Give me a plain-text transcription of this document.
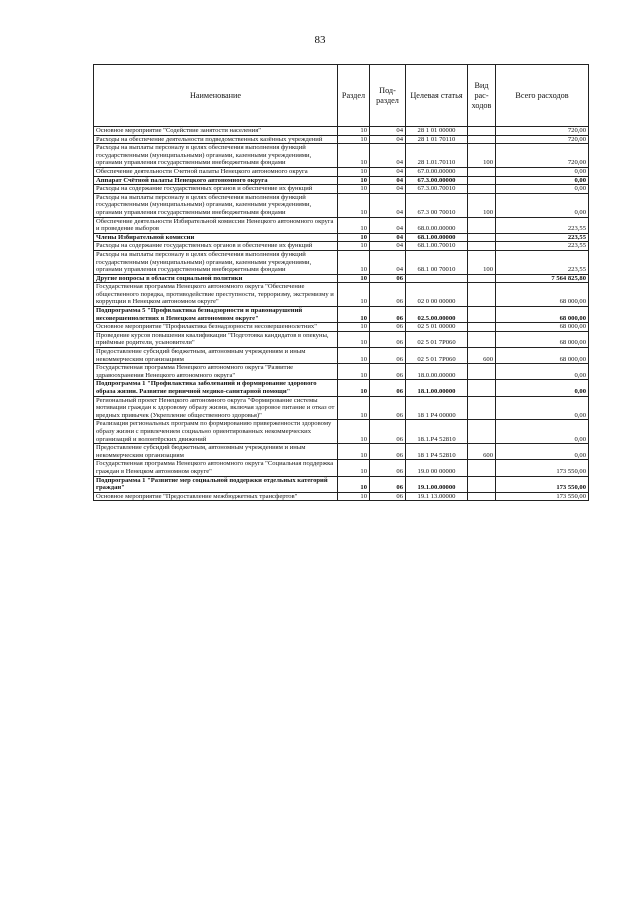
83
Наименование	Раздел	Под-раздел	Целевая статья	Вид рас-ходов	Всего расходов
Основное мероприятие "Содействие занятости населения"	10	04	28 1 01 00000		720,00
Расходы на обеспечение деятельности подведомственных казённых учреждений	10	04	28 1 01 70110		720,00
Расходы на выплаты персоналу в целях обеспечения выполнения функций государственными (муниципальными) органами, казенными учреждениями, органами управления государственными внебюджетными фондами	10	04	28 1.01.70110	100	720,00
Обеспечение деятельности Счетной палаты Ненецкого автономного округа	10	04	67.0.00.00000		0,00
Аппарат Счётной палаты Ненецкого автономного округа	10	04	67.3.00.00000		0,00
Расходы на содержание государственных органов и обеспечение их функций	10	04	67.3.00.70010		0,00
Расходы на выплаты персоналу в целях обеспечения выполнения функций государственными (муниципальными) органами, казенными учреждениями, органами управления государственными внебюджетными фондами	10	04	67.3 00 70010	100	0,00
Обеспечение деятельности Избирательной комиссии Ненецкого автономного округа и проведение выборов	10	04	68.0.00.00000		223,55
Члены Избирательной комиссии	10	04	68.1.00.00000		223,55
Расходы на содержание государственных органов и обеспечение их функций	10	04	68.1.00.70010		223,55
Расходы на выплаты персоналу в целях обеспечения выполнения функций государственными (муниципальными) органами, казенными учреждениями, органами управления государственными внебюджетными фондами	10	04	68.1 00 70010	100	223,55
Другие вопросы в области социальной политики	10	06			7 564 825,80
Государственная программа Ненецкого автономного округа "Обеспечение общественного порядка, противодействие преступности, терроризму, экстремизму и коррупции в Ненецком автономном округе"	10	06	02 0 00 00000		68 000,00
Подпрограмма 5 "Профилактика безнадзорности и правонарушений несовершеннолетних в Ненецком автономном округе"	10	06	02.5.00.00000		68 000,00
Основное мероприятие "Профилактика безнадзорности несовершеннолетних"	10	06	02 5 01 00000		68 000,00
Проведение курсов повышения квалификации "Подготовка кандидатов в опекуны, приёмные родители, усыновители"	10	06	02 5 01 7Р060		68 000,00
Предоставление субсидий бюджетным, автономным учреждениям и иным некоммерческим организациям	10	06	02 5 01 7Р060	600	68 000,00
Государственная программа Ненецкого автономного округа "Развитие здравоохранения Ненецкого автономного округа"	10	06	18.0.00.00000		0,00
Подпрограмма 1 "Профилактика заболеваний и формирование здорового образа жизни. Развитие первичной медико-санитарной помощи"	10	06	18.1.00.00000		0,00
Региональный проект Ненецкого автономного округа "Формирование системы мотивации граждан к здоровому образу жизни, включая здоровое питание и отказ от вредных привычек (Укрепление общественного здоровья)"	10	06	18 1 Р4 00000		0,00
Реализация региональных программ по формированию приверженности здоровому образу жизни с привлечением социально ориентированных некоммерческих организаций и волонтёрских движений	10	06	18.1.Р4 52810		0,00
Предоставление субсидий бюджетным, автономным учреждениям и иным некоммерческим организациям	10	06	18 1 Р4 52810	600	0,00
Государственная программа Ненецкого автономного округа "Социальная поддержка граждан в Ненецком автономном округе"	10	06	19.0 00 00000		173 550,00
Подпрограмма 1 "Развитие мер социальной поддержки отдельных категорий граждан"	10	06	19.1.00.00000		173 550,00
Основное мероприятие "Предоставление межбюджетных трансфертов"	10	06	19.1 13.00000		173 550,00
